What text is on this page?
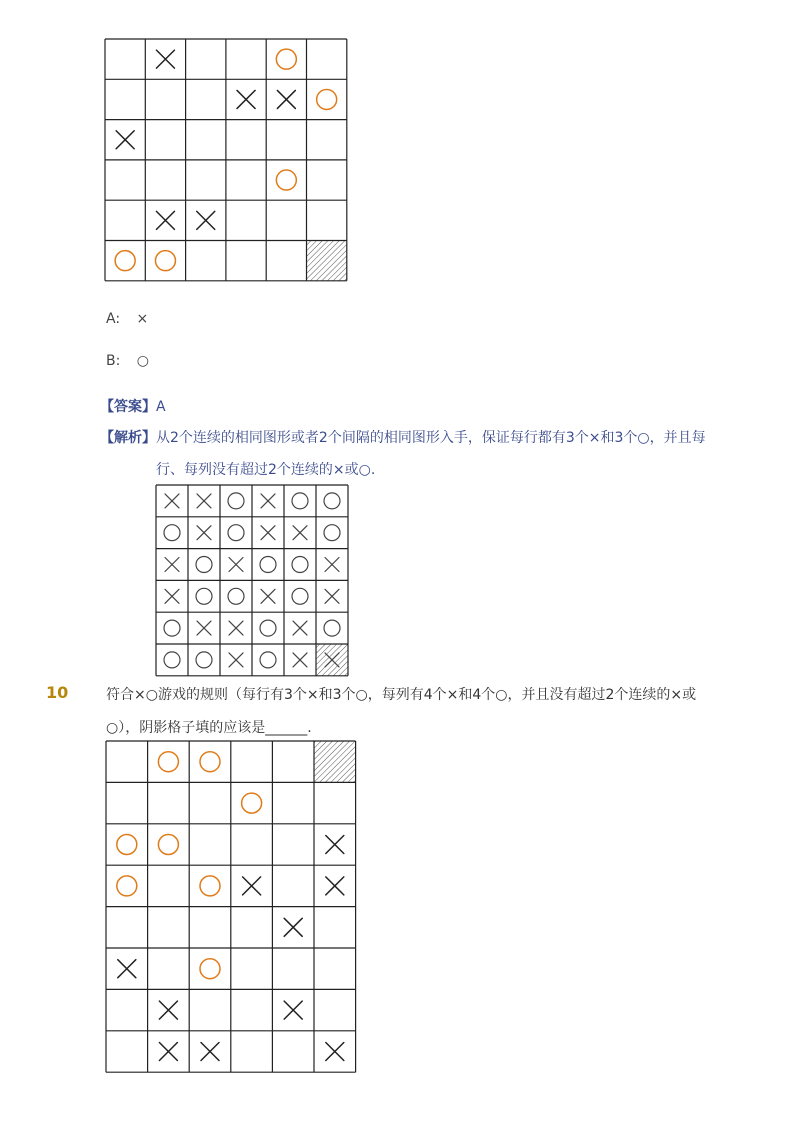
A: ×
B: ○
【答案】A
【解析】从2个连续的相同图形或者2个间隔的相同图形入手，保证每行都有3个×和3个○，并且每
行、每列没有超过2个连续的×或○.
10	符合×○游戏的规则（每行有3个×和3个○，每列有4个×和4个○，并且没有超过2个连续的×或
○），阴影格子填的应该是______.
